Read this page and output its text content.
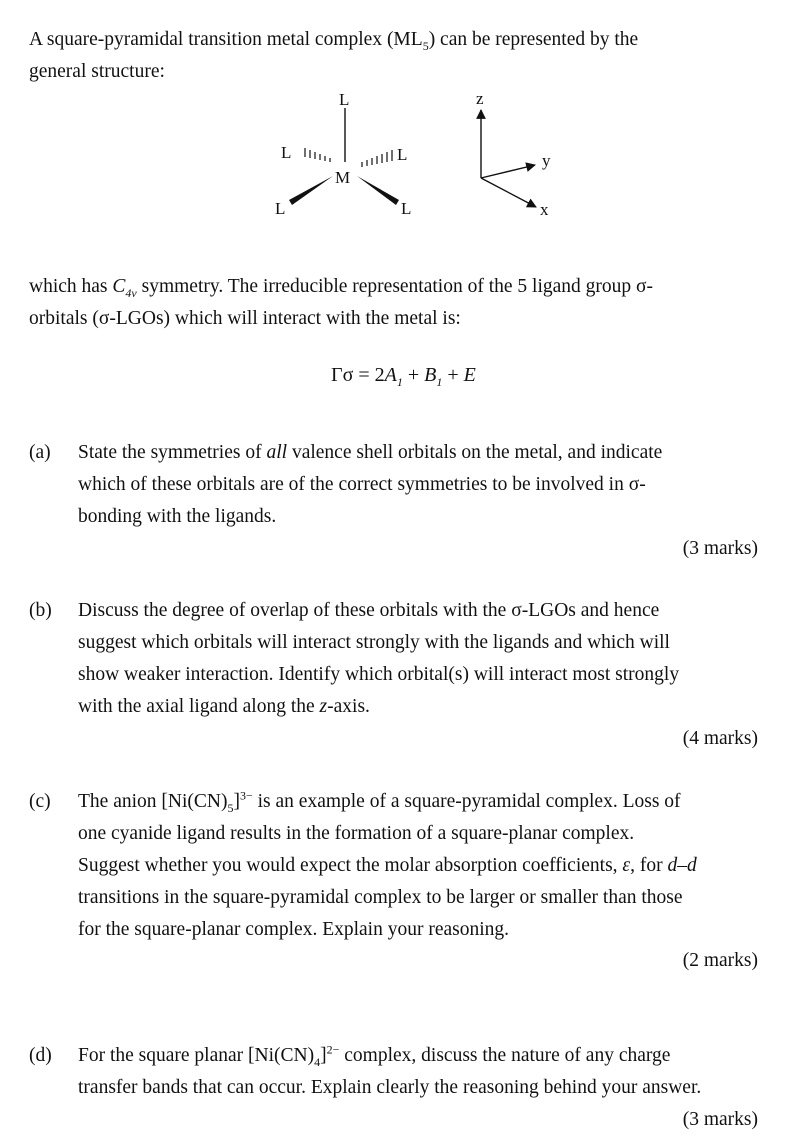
A square-pyramidal transition metal complex $(ML_5)$ can be represented by the
general structure:
L
L	L
M
L	L
z
y
x
which has $C_{4v}$ symmetry. The irreducible representation of the 5 ligand group σ-
orbitals (σ-LGOs) which will interact with the metal is:
$\Gamma\sigma = 2A_1 + B_1 + E$
(a) State the symmetries of all valence shell orbitals on the metal, and indicate
which of these orbitals are of the correct symmetries to be involved in σ-
bonding with the ligands.
(3 marks)
(b) Discuss the degree of overlap of these orbitals with the σ-LGOs and hence
suggest which orbitals will interact strongly with the ligands and which will
show weaker interaction. Identify which orbital(s) will interact most strongly
with the axial ligand along the z-axis.
(4 marks)
(c) The anion $[Ni(CN)_5]^{3-}$ is an example of a square-pyramidal complex. Loss of
one cyanide ligand results in the formation of a square-planar complex.
Suggest whether you would expect the molar absorption coefficients, ε, for d–d
transitions in the square-pyramidal complex to be larger or smaller than those
for the square-planar complex. Explain your reasoning.
(2 marks)
(d) For the square planar $[Ni(CN)_4]^{2-}$ complex, discuss the nature of any charge
transfer bands that can occur. Explain clearly the reasoning behind your answer.
(3 marks)
